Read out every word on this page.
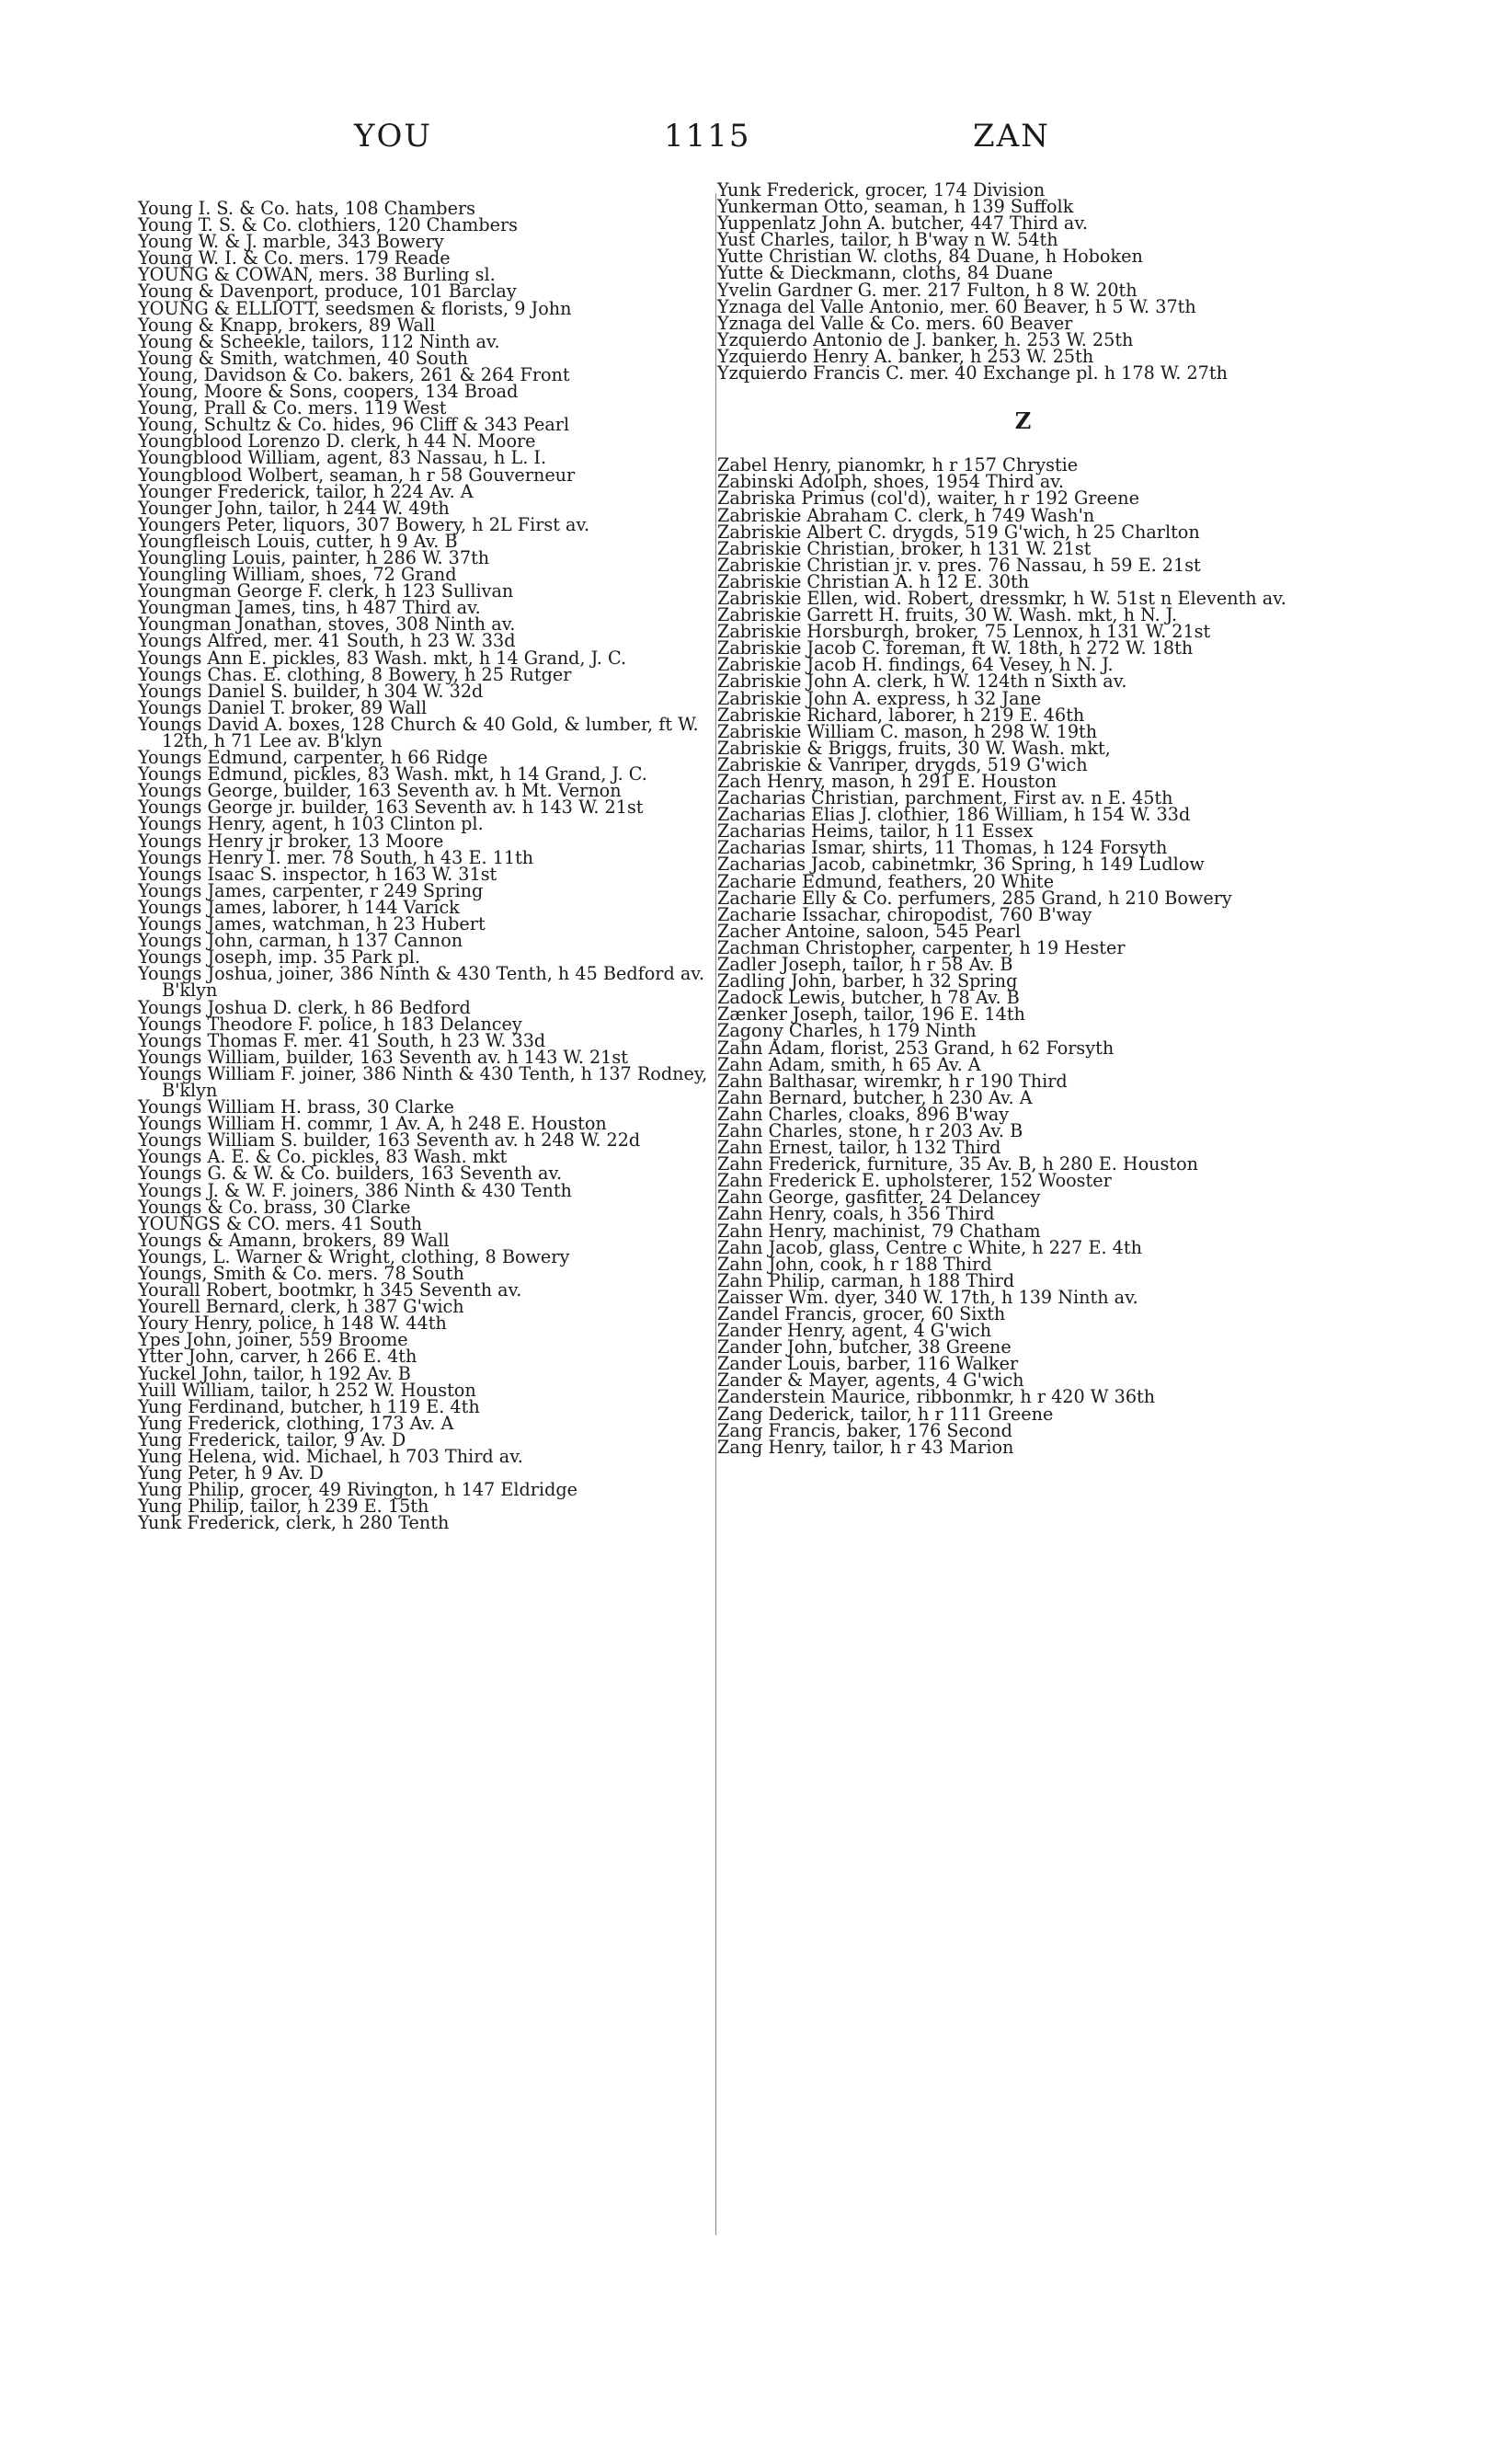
YOU	1115	ZAN
Young I. S. & Co. hats, 108 Chambers
Young T. S. & Co. clothiers, 120 Chambers
Young W. & J. marble, 343 Bowery
Young W. I. & Co. mers. 179 Reade
YOUNG & COWAN, mers. 38 Burling sl.
Young & Davenport, produce, 101 Barclay
YOUNG & ELLIOTT, seedsmen & florists, 9 John
Young & Knapp, brokers, 89 Wall
Young & Scheekle, tailors, 112 Ninth av.
Young & Smith, watchmen, 40 South
Young, Davidson & Co. bakers, 261 & 264 Front
Young, Moore & Sons, coopers, 134 Broad
Young, Prall & Co. mers. 119 West
Young, Schultz & Co. hides, 96 Cliff & 343 Pearl
Youngblood Lorenzo D. clerk, h 44 N. Moore
Youngblood William, agent, 83 Nassau, h L. I.
Youngblood Wolbert, seaman, h r 58 Gouverneur
Younger Frederick, tailor, h 224 Av. A
Younger John, tailor, h 244 W. 49th
Youngers Peter, liquors, 307 Bowery, h 2L First av.
Youngfleisch Louis, cutter, h 9 Av. B
Youngling Louis, painter, h 286 W. 37th
Youngling William, shoes, 72 Grand
Youngman George F. clerk, h 123 Sullivan
Youngman James, tins, h 487 Third av.
Youngman Jonathan, stoves, 308 Ninth av.
Youngs Alfred, mer. 41 South, h 23 W. 33d
Youngs Ann E. pickles, 83 Wash. mkt, h 14 Grand, J. C.
Youngs Chas. E. clothing, 8 Bowery, h 25 Rutger
Youngs Daniel S. builder, h 304 W. 32d
Youngs Daniel T. broker, 89 Wall
Youngs David A. boxes, 128 Church & 40 Gold, & lumber, ft W. 12th, h 71 Lee av. B'klyn
Youngs Edmund, carpenter, h 66 Ridge
Youngs Edmund, pickles, 83 Wash. mkt, h 14 Grand, J. C.
Youngs George, builder, 163 Seventh av. h Mt. Vernon
Youngs George jr. builder, 163 Seventh av. h 143 W. 21st
Youngs Henry, agent, h 103 Clinton pl.
Youngs Henry jr broker, 13 Moore
Youngs Henry I. mer. 78 South, h 43 E. 11th
Youngs Isaac S. inspector, h 163 W. 31st
Youngs James, carpenter, r 249 Spring
Youngs James, laborer, h 144 Varick
Youngs James, watchman, h 23 Hubert
Youngs John, carman, h 137 Cannon
Youngs Joseph, imp. 35 Park pl.
Youngs Joshua, joiner, 386 Ninth & 430 Tenth, h 45 Bedford av. B'klyn
Youngs Joshua D. clerk, h 86 Bedford
Youngs Theodore F. police, h 183 Delancey
Youngs Thomas F. mer. 41 South, h 23 W. 33d
Youngs William, builder, 163 Seventh av. h 143 W. 21st
Youngs William F. joiner, 386 Ninth & 430 Tenth, h 137 Rodney, B'klyn
Youngs William H. brass, 30 Clarke
Youngs William H. commr, 1 Av. A, h 248 E. Houston
Youngs William S. builder, 163 Seventh av. h 248 W. 22d
Youngs A. E. & Co. pickles, 83 Wash. mkt
Youngs G. & W. & Co. builders, 163 Seventh av.
Youngs J. & W. F. joiners, 386 Ninth & 430 Tenth
Youngs & Co. brass, 30 Clarke
YOUNGS & CO. mers. 41 South
Youngs & Amann, brokers, 89 Wall
Youngs, L. Warner & Wright, clothing, 8 Bowery
Youngs, Smith & Co. mers. 78 South
Yourall Robert, bootmkr, h 345 Seventh av.
Yourell Bernard, clerk, h 387 G'wich
Youry Henry, police, h 148 W. 44th
Ypes John, joiner, 559 Broome
Ytter John, carver, h 266 E. 4th
Yuckel John, tailor, h 192 Av. B
Yuill William, tailor, h 252 W. Houston
Yung Ferdinand, butcher, h 119 E. 4th
Yung Frederick, clothing, 173 Av. A
Yung Frederick, tailor, 9 Av. D
Yung Helena, wid. Michael, h 703 Third av.
Yung Peter, h 9 Av. D
Yung Philip, grocer, 49 Rivington, h 147 Eldridge
Yung Philip, tailor, h 239 E. 15th
Yunk Frederick, clerk, h 280 Tenth
Yunk Frederick, grocer, 174 Division
Yunkerman Otto, seaman, h 139 Suffolk
Yuppenlatz John A. butcher, 447 Third av.
Yust Charles, tailor, h B'way n W. 54th
Yutte Christian W. cloths, 84 Duane, h Hoboken
Yutte & Dieckmann, cloths, 84 Duane
Yvelin Gardner G. mer. 217 Fulton, h 8 W. 20th
Yznaga del Valle Antonio, mer. 60 Beaver, h 5 W. 37th
Yznaga del Valle & Co. mers. 60 Beaver
Yzquierdo Antonio de J. banker, h. 253 W. 25th
Yzquierdo Henry A. banker, h 253 W. 25th
Yzquierdo Francis C. mer. 40 Exchange pl. h 178 W. 27th
Z
Zabel Henry, pianomkr, h r 157 Chrystie
Zabinski Adolph, shoes, 1954 Third av.
Zabriska Primus (col'd), waiter, h r 192 Greene
Zabriskie Abraham C. clerk, h 749 Wash'n
Zabriskie Albert C. drygds, 519 G'wich, h 25 Charlton
Zabriskie Christian, broker, h 131 W. 21st
Zabriskie Christian jr. v. pres. 76 Nassau, h 59 E. 21st
Zabriskie Christian A. h 12 E. 30th
Zabriskie Ellen, wid. Robert, dressmkr, h W. 51st n Eleventh av.
Zabriskie Garrett H. fruits, 30 W. Wash. mkt, h N. J.
Zabriskie Horsburgh, broker, 75 Lennox, h 131 W. 21st
Zabriskie Jacob C. foreman, ft W. 18th, h 272 W. 18th
Zabriskie Jacob H. findings, 64 Vesey, h N. J.
Zabriskie John A. clerk, h W. 124th n Sixth av.
Zabriskie John A. express, h 32 Jane
Zabriskie Richard, laborer, h 219 E. 46th
Zabriskie William C. mason, h 298 W. 19th
Zabriskie & Briggs, fruits, 30 W. Wash. mkt,
Zabriskie & Vanriper, drygds, 519 G'wich
Zach Henry, mason, h 291 E. Houston
Zacharias Christian, parchment, First av. n E. 45th
Zacharias Elias J. clothier, 186 William, h 154 W. 33d
Zacharias Heims, tailor, h 11 Essex
Zacharias Ismar, shirts, 11 Thomas, h 124 Forsyth
Zacharias Jacob, cabinetmkr, 36 Spring, h 149 Ludlow
Zacharie Edmund, feathers, 20 White
Zacharie Elly & Co. perfumers, 285 Grand, h 210 Bowery
Zacharie Issachar, chiropodist, 760 B'way
Zacher Antoine, saloon, 545 Pearl
Zachman Christopher, carpenter, h 19 Hester
Zadler Joseph, tailor, h r 58 Av. B
Zadling John, barber, h 32 Spring
Zadock Lewis, butcher, h 78 Av. B
Zænker Joseph, tailor, 196 E. 14th
Zagony Charles, h 179 Ninth
Zahn Adam, florist, 253 Grand, h 62 Forsyth
Zahn Adam, smith, h 65 Av. A
Zahn Balthasar, wiremkr, h r 190 Third
Zahn Bernard, butcher, h 230 Av. A
Zahn Charles, cloaks, 896 B'way
Zahn Charles, stone, h r 203 Av. B
Zahn Ernest, tailor, h 132 Third
Zahn Frederick, furniture, 35 Av. B, h 280 E. Houston
Zahn Frederick E. upholsterer, 152 Wooster
Zahn George, gasfitter, 24 Delancey
Zahn Henry, coals, h 356 Third
Zahn Henry, machinist, 79 Chatham
Zahn Jacob, glass, Centre c White, h 227 E. 4th
Zahn John, cook, h r 188 Third
Zahn Philip, carman, h 188 Third
Zaisser Wm. dyer, 340 W. 17th, h 139 Ninth av.
Zandel Francis, grocer, 60 Sixth
Zander Henry, agent, 4 G'wich
Zander John, butcher, 38 Greene
Zander Louis, barber, 116 Walker
Zander & Mayer, agents, 4 G'wich
Zanderstein Maurice, ribbonmkr, h r 420 W 36th
Zang Dederick, tailor, h r 111 Greene
Zang Francis, baker, 176 Second
Zang Henry, tailor, h r 43 Marion
